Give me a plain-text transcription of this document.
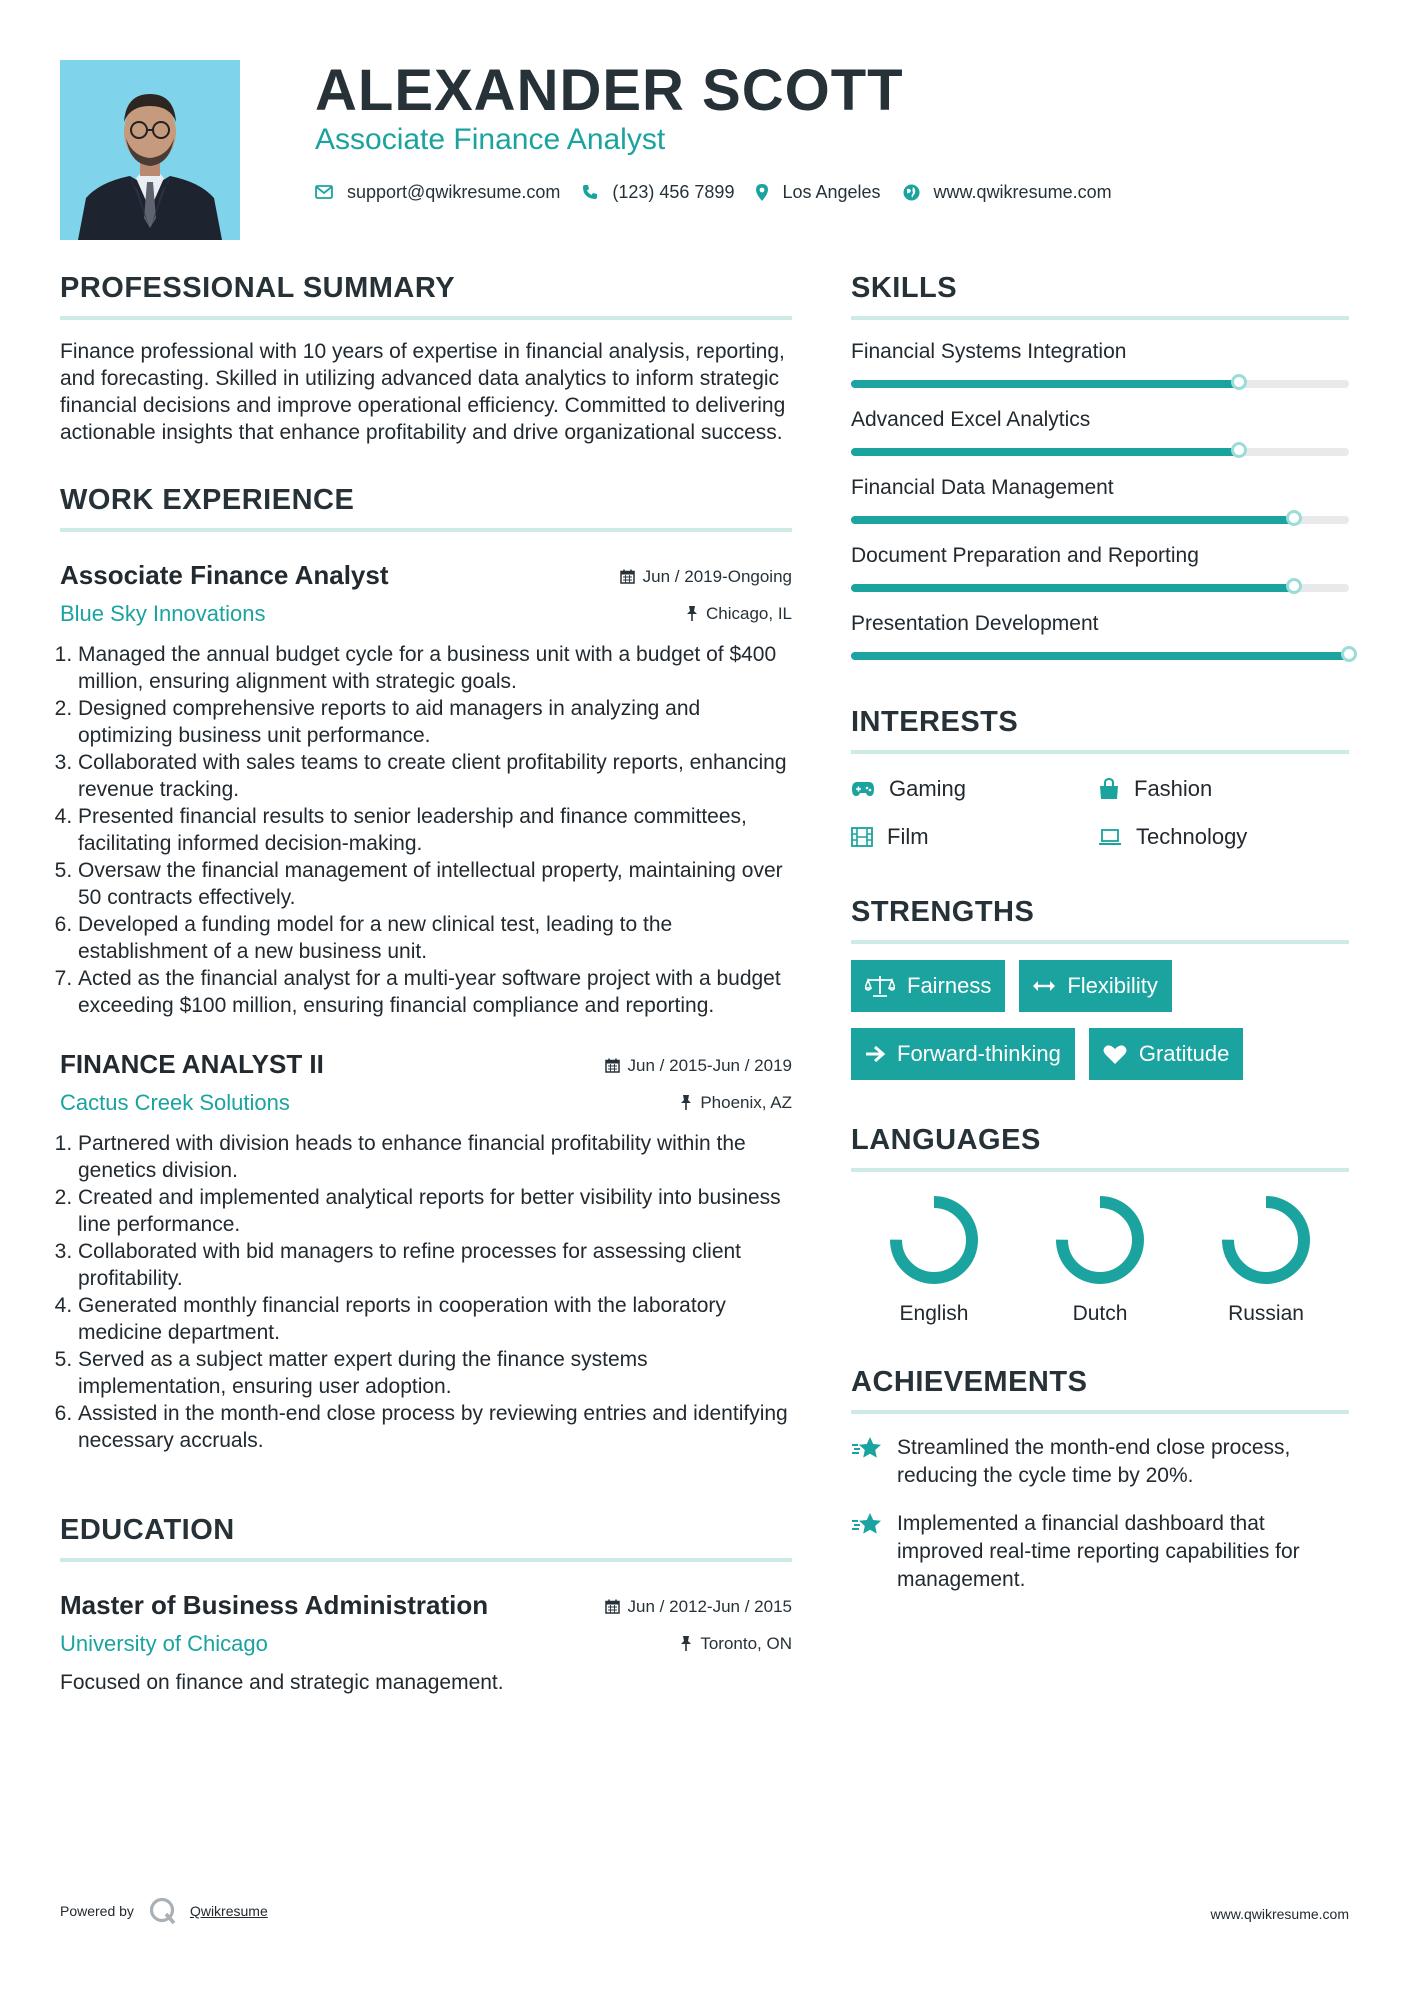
ALEXANDER SCOTT

Associate Finance Analyst

support@qwikresume.com	(123) 456 7899	Los Angeles	www.qwikresume.com
PROFESSIONAL SUMMARY

Finance professional with 10 years of expertise in financial analysis, reporting, and forecasting. Skilled in utilizing advanced data analytics to inform strategic financial decisions and improve operational efficiency. Committed to delivering actionable insights that enhance profitability and drive organizational success.

WORK EXPERIENCE
Associate Finance Analyst	Jun / 2019-Ongoing

Blue Sky Innovations	Chicago, IL
1. Managed the annual budget cycle for a business unit with a budget of $400 million, ensuring alignment with strategic goals.
2. Designed comprehensive reports to aid managers in analyzing and optimizing business unit performance.
3. Collaborated with sales teams to create client profitability reports, enhancing revenue tracking.
4. Presented financial results to senior leadership and finance committees, facilitating informed decision-making.
5. Oversaw the financial management of intellectual property, maintaining over 50 contracts effectively.
6. Developed a funding model for a new clinical test, leading to the establishment of a new business unit.
7. Acted as the financial analyst for a multi-year software project with a budget exceeding $100 million, ensuring financial compliance and reporting.
FINANCE ANALYST II	Jun / 2015-Jun / 2019

Cactus Creek Solutions	Phoenix, AZ
1. Partnered with division heads to enhance financial profitability within the genetics division.
2. Created and implemented analytical reports for better visibility into business line performance.
3. Collaborated with bid managers to refine processes for assessing client profitability.
4. Generated monthly financial reports in cooperation with the laboratory medicine department.
5. Served as a subject matter expert during the finance systems implementation, ensuring user adoption.
6. Assisted in the month-end close process by reviewing entries and identifying necessary accruals.
EDUCATION
Master of Business Administration	Jun / 2012-Jun / 2015

University of Chicago	Toronto, ON

Focused on finance and strategic management.

SKILLS
Financial Systems Integration
Advanced Excel Analytics
Financial Data Management
Document Preparation and Reporting
Presentation Development
INTERESTS
Gaming	Fashion
Film	Technology
STRENGTHS
Fairness	Flexibility
Forward-thinking	Gratitude
LANGUAGES
English	Dutch	Russian
ACHIEVEMENTS
Streamlined the month-end close process, reducing the cycle time by 20%.
Implemented a financial dashboard that improved real-time reporting capabilities for management.
Powered by	Qwikresume	www.qwikresume.com
